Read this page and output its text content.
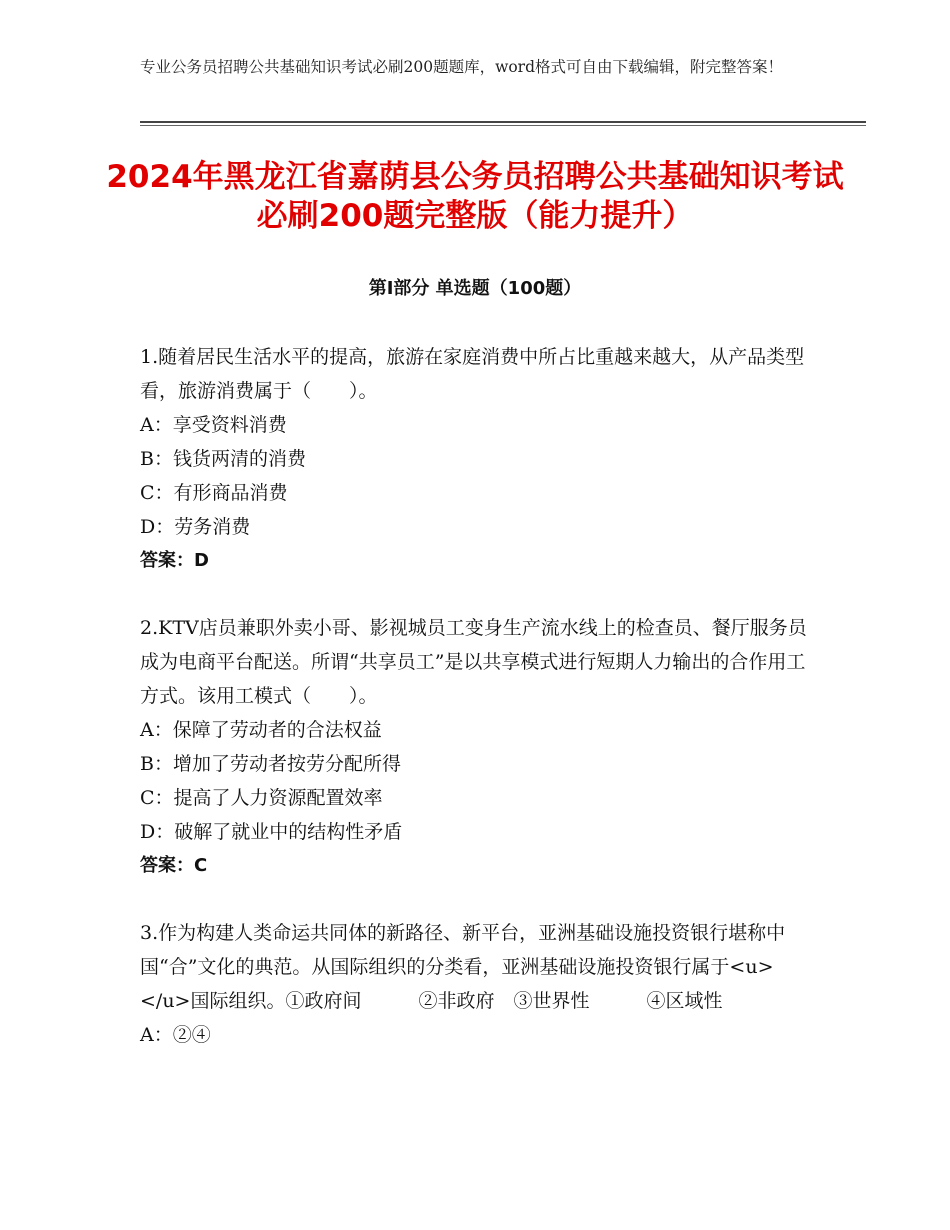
专业公务员招聘公共基础知识考试必刷200题题库，word格式可自由下载编辑，附完整答案！
2024年黑龙江省嘉荫县公务员招聘公共基础知识考试必刷200题完整版（能力提升）
第Ⅰ部分 单选题（100题）
1.随着居民生活水平的提高，旅游在家庭消费中所占比重越来越大，从产品类型看，旅游消费属于（　　）。
A：享受资料消费
B：钱货两清的消费
C：有形商品消费
D：劳务消费
答案：D
2.KTV店员兼职外卖小哥、影视城员工变身生产流水线上的检查员、餐厅服务员成为电商平台配送。所谓“共享员工”是以共享模式进行短期人力输出的合作用工方式。该用工模式（　　）。
A：保障了劳动者的合法权益
B：增加了劳动者按劳分配所得
C：提高了人力资源配置效率
D：破解了就业中的结构性矛盾
答案：C
3.作为构建人类命运共同体的新路径、新平台，亚洲基础设施投资银行堪称中国“合”文化的典范。从国际组织的分类看，亚洲基础设施投资银行属于<u>　　　　</u>国际组织。①政府间　　　②非政府　③世界性　　　④区域性
A：②④
